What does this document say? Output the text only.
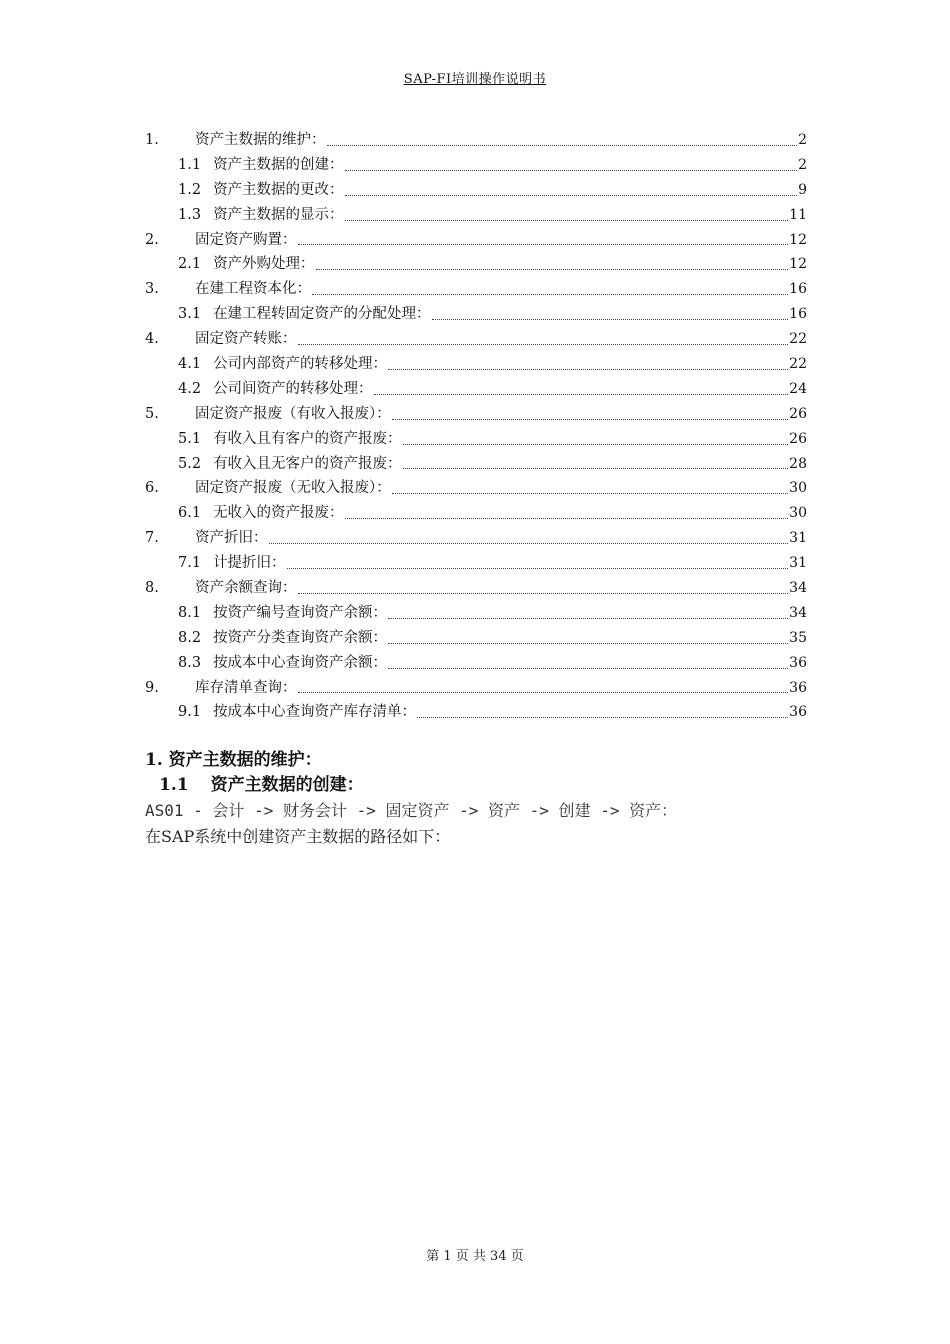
SAP-FI培训操作说明书
1.	资产主数据的维护：	2
1.1 资产主数据的创建：	2
1.2 资产主数据的更改：	9
1.3 资产主数据的显示：	11
2.	固定资产购置：	12
2.1 资产外购处理：	12
3.	在建工程资本化：	16
3.1 在建工程转固定资产的分配处理：	16
4.	固定资产转账：	22
4.1 公司内部资产的转移处理：	22
4.2 公司间资产的转移处理：	24
5.	固定资产报废（有收入报废）：	26
5.1 有收入且有客户的资产报废：	26
5.2 有收入且无客户的资产报废：	28
6.	固定资产报废（无收入报废）：	30
6.1 无收入的资产报废：	30
7.	资产折旧：	31
7.1 计提折旧：	31
8.	资产余额查询：	34
8.1 按资产编号查询资产余额：	34
8.2 按资产分类查询资产余额：	35
8.3 按成本中心查询资产余额：	36
9.	库存清单查询：	36
9.1 按成本中心查询资产库存清单：	36
1. 资产主数据的维护：
1.1 资产主数据的创建：
AS01 - 会计 -> 财务会计 -> 固定资产 -> 资产 -> 创建 -> 资产：
在SAP系统中创建资产主数据的路径如下：
第 1 页 共 34 页
